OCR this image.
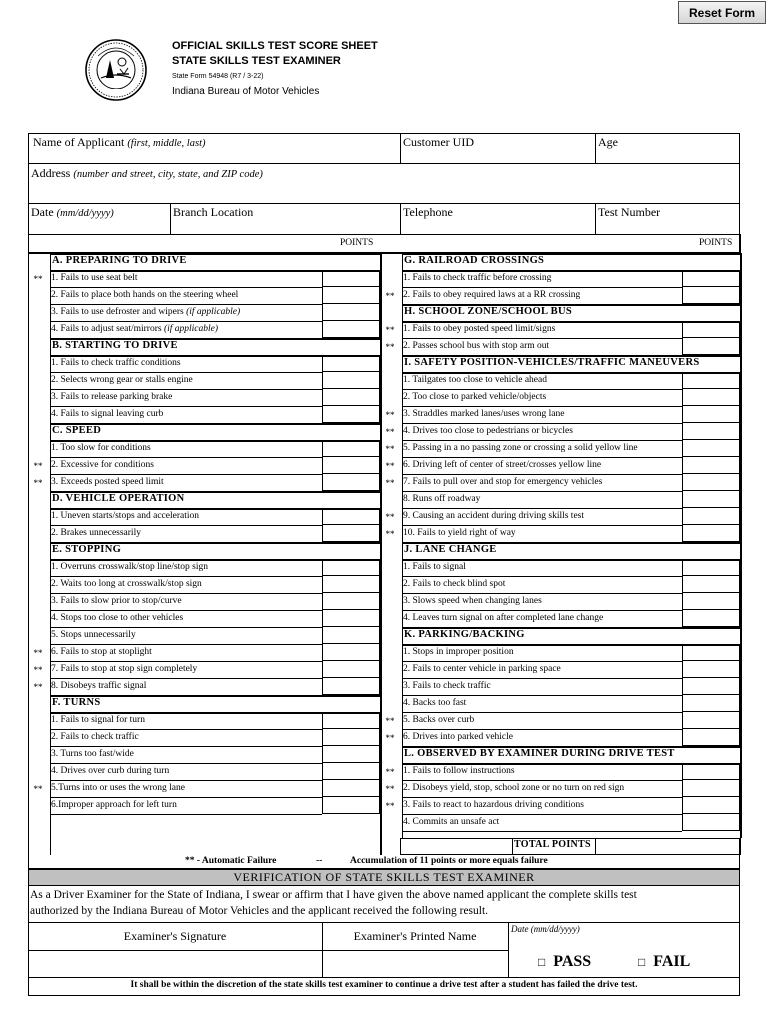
Reset Form
OFFICIAL SKILLS TEST SCORE SHEET
STATE SKILLS TEST EXAMINER
State Form 54948 (R7 / 3-22)
Indiana Bureau of Motor Vehicles
Name of Applicant (first, middle, last)	Customer UID	Age
Address (number and street, city, state, and ZIP code)
Date (mm/dd/yyyy)	Branch Location	Telephone	Test Number
POINTS	POINTS
A. PREPARING TO DRIVE
** 1. Fails to use seat belt
2. Fails to place both hands on the steering wheel
3. Fails to use defroster and wipers (if applicable)
4. Fails to adjust seat/mirrors (if applicable)
B. STARTING TO DRIVE
1. Fails to check traffic conditions
2. Selects wrong gear or stalls engine
3. Fails to release parking brake
4. Fails to signal leaving curb
C. SPEED
1. Too slow for conditions
** 2. Excessive for conditions
** 3. Exceeds posted speed limit
D. VEHICLE OPERATION
1. Uneven starts/stops and acceleration
2. Brakes unnecessarily
E. STOPPING
1. Overruns crosswalk/stop line/stop sign
2. Waits too long at crosswalk/stop sign
3. Fails to slow prior to stop/curve
4. Stops too close to other vehicles
5. Stops unnecessarily
** 6. Fails to stop at stoplight
** 7. Fails to stop at stop sign completely
** 8. Disobeys traffic signal
F. TURNS
1. Fails to signal for turn
2. Fails to check traffic
3. Turns too fast/wide
4. Drives over curb during turn
** 5.Turns into or uses the wrong lane
6.Improper approach for left turn
G. RAILROAD CROSSINGS
1. Fails to check traffic before crossing
** 2. Fails to obey required laws at a RR crossing
H. SCHOOL ZONE/SCHOOL BUS
** 1. Fails to obey posted speed limit/signs
** 2. Passes school bus with stop arm out
I. SAFETY POSITION-VEHICLES/TRAFFIC MANEUVERS
1. Tailgates too close to vehicle ahead
2. Too close to parked vehicle/objects
** 3. Straddles marked lanes/uses wrong lane
** 4. Drives too close to pedestrians or bicycles
** 5. Passing in a no passing zone or crossing a solid yellow line
** 6. Driving left of center of street/crosses yellow line
** 7. Fails to pull over and stop for emergency vehicles
8. Runs off roadway
** 9. Causing an accident during driving skills test
** 10. Fails to yield right of way
J. LANE CHANGE
1. Fails to signal
2. Fails to check blind spot
3. Slows speed when changing lanes
4. Leaves turn signal on after completed lane change
K. PARKING/BACKING
1. Stops in improper position
2. Fails to center vehicle in parking space
3. Fails to check traffic
4. Backs too fast
** 5. Backs over curb
** 6. Drives into parked vehicle
L. OBSERVED BY EXAMINER DURING DRIVE TEST
** 1. Fails to follow instructions
** 2. Disobeys yield, stop, school zone or no turn on red sign
** 3. Fails to react to hazardous driving conditions
4. Commits an unsafe act
TOTAL POINTS
** - Automatic Failure	--	Accumulation of 11 points or more equals failure
VERIFICATION OF STATE SKILLS TEST EXAMINER
As a Driver Examiner for the State of Indiana, I swear or affirm that I have given the above named applicant the complete skills test
authorized by the Indiana Bureau of Motor Vehicles and the applicant received the following result.
Examiner's Signature	Examiner's Printed Name	Date (mm/dd/yyyy)
□ PASS	□ FAIL
It shall be within the discretion of the state skills test examiner to continue a drive test after a student has failed the drive test.
